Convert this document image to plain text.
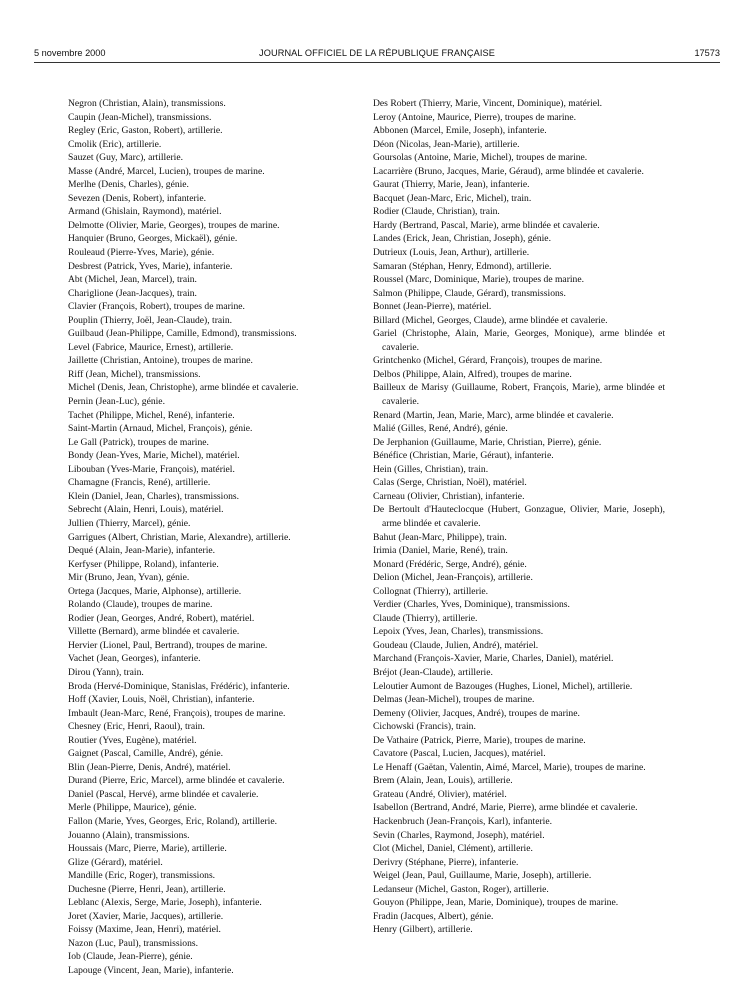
JOURNAL OFFICIEL DE LA RÉPUBLIQUE FRANÇAISE
5 novembre 2000	17573
Negron (Christian, Alain), transmissions.
Caupin (Jean-Michel), transmissions.
Regley (Eric, Gaston, Robert), artillerie.
Cmolik (Eric), artillerie.
Sauzet (Guy, Marc), artillerie.
Masse (André, Marcel, Lucien), troupes de marine.
Merlhe (Denis, Charles), génie.
Sevezen (Denis, Robert), infanterie.
Armand (Ghislain, Raymond), matériel.
Delmotte (Olivier, Marie, Georges), troupes de marine.
Hanquier (Bruno, Georges, Mickaël), génie.
Rouleaud (Pierre-Yves, Marie), génie.
Desbrest (Patrick, Yves, Marie), infanterie.
Abt (Michel, Jean, Marcel), train.
Chariglione (Jean-Jacques), train.
Clavier (François, Robert), troupes de marine.
Pouplin (Thierry, Joël, Jean-Claude), train.
Guilbaud (Jean-Philippe, Camille, Edmond), transmissions.
Level (Fabrice, Maurice, Ernest), artillerie.
Jaillette (Christian, Antoine), troupes de marine.
Riff (Jean, Michel), transmissions.
Michel (Denis, Jean, Christophe), arme blindée et cavalerie.
Pernin (Jean-Luc), génie.
Tachet (Philippe, Michel, René), infanterie.
Saint-Martin (Arnaud, Michel, François), génie.
Le Gall (Patrick), troupes de marine.
Bondy (Jean-Yves, Marie, Michel), matériel.
Libouban (Yves-Marie, François), matériel.
Chamagne (Francis, René), artillerie.
Klein (Daniel, Jean, Charles), transmissions.
Sebrecht (Alain, Henri, Louis), matériel.
Jullien (Thierry, Marcel), génie.
Garrigues (Albert, Christian, Marie, Alexandre), artillerie.
Dequé (Alain, Jean-Marie), infanterie.
Kerfyser (Philippe, Roland), infanterie.
Mir (Bruno, Jean, Yvan), génie.
Ortega (Jacques, Marie, Alphonse), artillerie.
Rolando (Claude), troupes de marine.
Rodier (Jean, Georges, André, Robert), matériel.
Villette (Bernard), arme blindée et cavalerie.
Hervier (Lionel, Paul, Bertrand), troupes de marine.
Vachet (Jean, Georges), infanterie.
Dirou (Yann), train.
Broda (Hervé-Dominique, Stanislas, Frédéric), infanterie.
Hoff (Xavier, Louis, Noël, Christian), infanterie.
Imbault (Jean-Marc, René, François), troupes de marine.
Chesney (Eric, Henri, Raoul), train.
Routier (Yves, Eugène), matériel.
Gaignet (Pascal, Camille, André), génie.
Blin (Jean-Pierre, Denis, André), matériel.
Durand (Pierre, Eric, Marcel), arme blindée et cavalerie.
Daniel (Pascal, Hervé), arme blindée et cavalerie.
Merle (Philippe, Maurice), génie.
Fallon (Marie, Yves, Georges, Eric, Roland), artillerie.
Jouanno (Alain), transmissions.
Houssais (Marc, Pierre, Marie), artillerie.
Glize (Gérard), matériel.
Mandille (Eric, Roger), transmissions.
Duchesne (Pierre, Henri, Jean), artillerie.
Leblanc (Alexis, Serge, Marie, Joseph), infanterie.
Joret (Xavier, Marie, Jacques), artillerie.
Foissy (Maxime, Jean, Henri), matériel.
Nazon (Luc, Paul), transmissions.
Iob (Claude, Jean-Pierre), génie.
Lapouge (Vincent, Jean, Marie), infanterie.
Des Robert (Thierry, Marie, Vincent, Dominique), matériel.
Leroy (Antoine, Maurice, Pierre), troupes de marine.
Abbonen (Marcel, Emile, Joseph), infanterie.
Déon (Nicolas, Jean-Marie), artillerie.
Goursolas (Antoine, Marie, Michel), troupes de marine.
Lacarrière (Bruno, Jacques, Marie, Géraud), arme blindée et cavalerie.
Gaurat (Thierry, Marie, Jean), infanterie.
Bacquet (Jean-Marc, Eric, Michel), train.
Rodier (Claude, Christian), train.
Hardy (Bertrand, Pascal, Marie), arme blindée et cavalerie.
Landes (Erick, Jean, Christian, Joseph), génie.
Dutrieux (Louis, Jean, Arthur), artillerie.
Samaran (Stéphan, Henry, Edmond), artillerie.
Roussel (Marc, Dominique, Marie), troupes de marine.
Salmon (Philippe, Claude, Gérard), transmissions.
Bonnet (Jean-Pierre), matériel.
Billard (Michel, Georges, Claude), arme blindée et cavalerie.
Gariel (Christophe, Alain, Marie, Georges, Monique), arme blindée et cavalerie.
Grintchenko (Michel, Gérard, François), troupes de marine.
Delbos (Philippe, Alain, Alfred), troupes de marine.
Bailleux de Marisy (Guillaume, Robert, François, Marie), arme blindée et cavalerie.
Renard (Martin, Jean, Marie, Marc), arme blindée et cavalerie.
Malié (Gilles, René, André), génie.
De Jerphanion (Guillaume, Marie, Christian, Pierre), génie.
Bénéfice (Christian, Marie, Géraut), infanterie.
Hein (Gilles, Christian), train.
Calas (Serge, Christian, Noël), matériel.
Carneau (Olivier, Christian), infanterie.
De Bertoult d'Hauteclocque (Hubert, Gonzague, Olivier, Marie, Joseph), arme blindée et cavalerie.
Bahut (Jean-Marc, Philippe), train.
Irimia (Daniel, Marie, René), train.
Monard (Frédéric, Serge, André), génie.
Delion (Michel, Jean-François), artillerie.
Collognat (Thierry), artillerie.
Verdier (Charles, Yves, Dominique), transmissions.
Claude (Thierry), artillerie.
Lepoix (Yves, Jean, Charles), transmissions.
Goudeau (Claude, Julien, André), matériel.
Marchand (François-Xavier, Marie, Charles, Daniel), matériel.
Bréjot (Jean-Claude), artillerie.
Leloutier Aumont de Bazouges (Hughes, Lionel, Michel), artillerie.
Delmas (Jean-Michel), troupes de marine.
Demeny (Olivier, Jacques, André), troupes de marine.
Cichowski (Francis), train.
De Vathaire (Patrick, Pierre, Marie), troupes de marine.
Cavatore (Pascal, Lucien, Jacques), matériel.
Le Henaff (Gaëtan, Valentin, Aimé, Marcel, Marie), troupes de marine.
Brem (Alain, Jean, Louis), artillerie.
Grateau (André, Olivier), matériel.
Isabellon (Bertrand, André, Marie, Pierre), arme blindée et cavalerie.
Hackenbruch (Jean-François, Karl), infanterie.
Sevin (Charles, Raymond, Joseph), matériel.
Clot (Michel, Daniel, Clément), artillerie.
Derivry (Stéphane, Pierre), infanterie.
Weigel (Jean, Paul, Guillaume, Marie, Joseph), artillerie.
Ledanseur (Michel, Gaston, Roger), artillerie.
Gouyon (Philippe, Jean, Marie, Dominique), troupes de marine.
Fradin (Jacques, Albert), génie.
Henry (Gilbert), artillerie.
